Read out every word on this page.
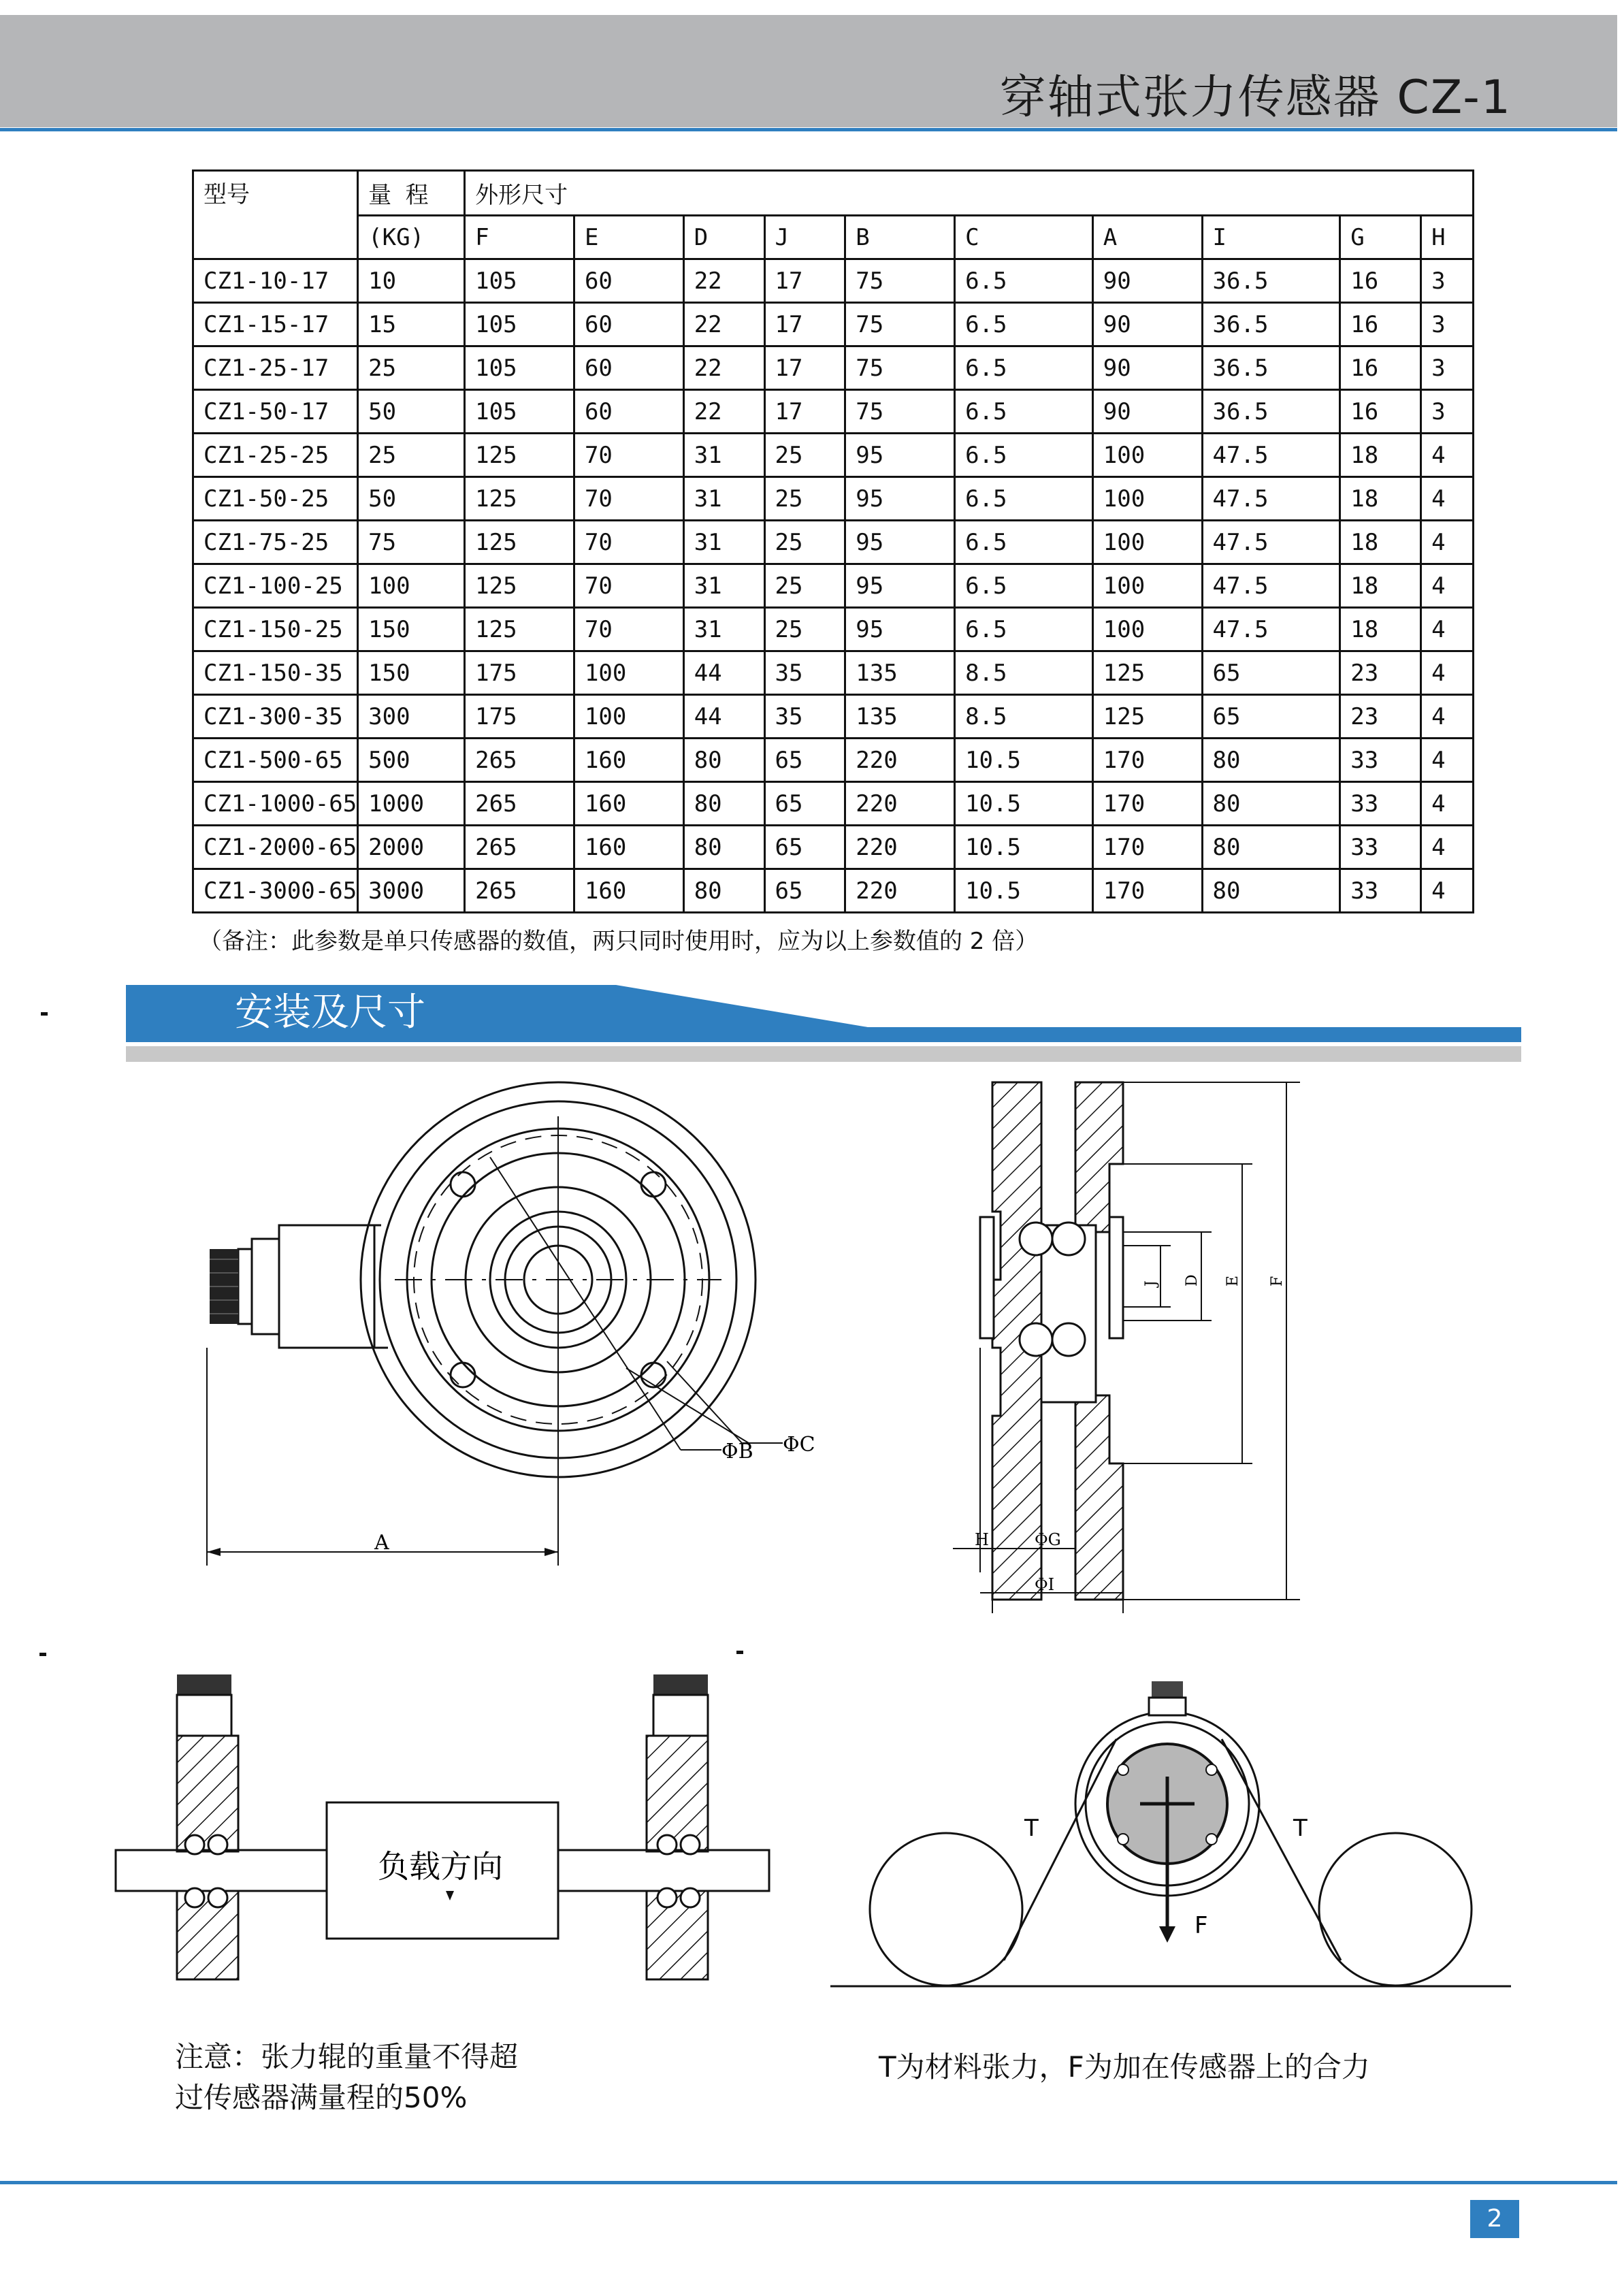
穿轴式张力传感器 CZ-1
型号	量 程	外形尺寸									
	(KG)	F	E	D	J	B	C	A	I	G	H
CZ1-10-17	10	105	60	22	17	75	6.5	90	36.5	16	3
CZ1-15-17	15	105	60	22	17	75	6.5	90	36.5	16	3
CZ1-25-17	25	105	60	22	17	75	6.5	90	36.5	16	3
CZ1-50-17	50	105	60	22	17	75	6.5	90	36.5	16	3
CZ1-25-25	25	125	70	31	25	95	6.5	100	47.5	18	4
CZ1-50-25	50	125	70	31	25	95	6.5	100	47.5	18	4
CZ1-75-25	75	125	70	31	25	95	6.5	100	47.5	18	4
CZ1-100-25	100	125	70	31	25	95	6.5	100	47.5	18	4
CZ1-150-25	150	125	70	31	25	95	6.5	100	47.5	18	4
CZ1-150-35	150	175	100	44	35	135	8.5	125	65	23	4
CZ1-300-35	300	175	100	44	35	135	8.5	125	65	23	4
CZ1-500-65	500	265	160	80	65	220	10.5	170	80	33	4
CZ1-1000-65	1000	265	160	80	65	220	10.5	170	80	33	4
CZ1-2000-65	2000	265	160	80	65	220	10.5	170	80	33	4
CZ1-3000-65	3000	265	160	80	65	220	10.5	170	80	33	4
（备注：此参数是单只传感器的数值，两只同时使用时，应为以上参数值的 2 倍）
安装及尺寸
ΦC
ΦB
A
J D E F
H	ΦG
ΦI
负载方向
T	T
F
注意：张力辊的重量不得超
过传感器满量程的50%
T为材料张力，F为加在传感器上的合力
2
